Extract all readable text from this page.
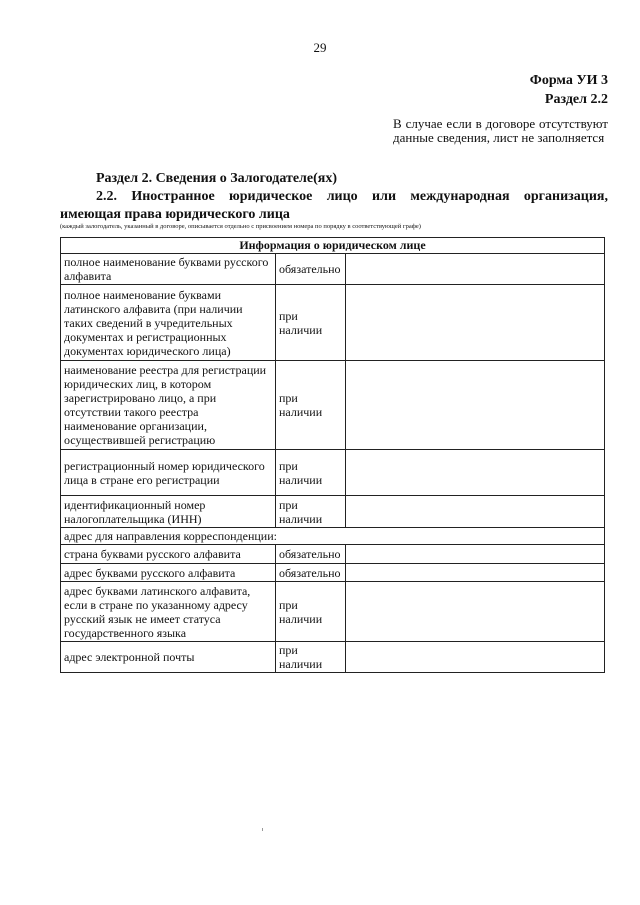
29
Форма УИ 3
Раздел 2.2
В случае если в договоре отсутствуют данные сведения, лист не заполняется
Раздел 2. Сведения о Залогодателе(ях)
2.2. Иностранное юридическое лицо или международная организация,
имеющая права юридического лица
(каждый залогодатель, указанный в договоре, описывается отдельно с присвоением номера по порядку в соответствующей графе)
Информация о юридическом лице		
полное наименование буквами русского алфавита	обязательно	
полное наименование буквами латинского алфавита (при наличии таких сведений в учредительных документах и регистрационных документах юридического лица)	при наличии	
наименование реестра для регистрации юридических лиц, в котором зарегистрировано лицо, а при отсутствии такого реестра наименование организации, осуществившей регистрацию	при наличии	
регистрационный номер юридического лица в стране его регистрации	при наличии	
идентификационный номер налогоплательщика (ИНН)	при наличии	
адрес для направления корреспонденции:		
страна буквами русского алфавита	обязательно	
адрес буквами русского алфавита	обязательно	
адрес буквами латинского алфавита, если в стране по указанному адресу русский язык не имеет статуса государственного языка	при наличии	
адрес электронной почты	при наличии	
